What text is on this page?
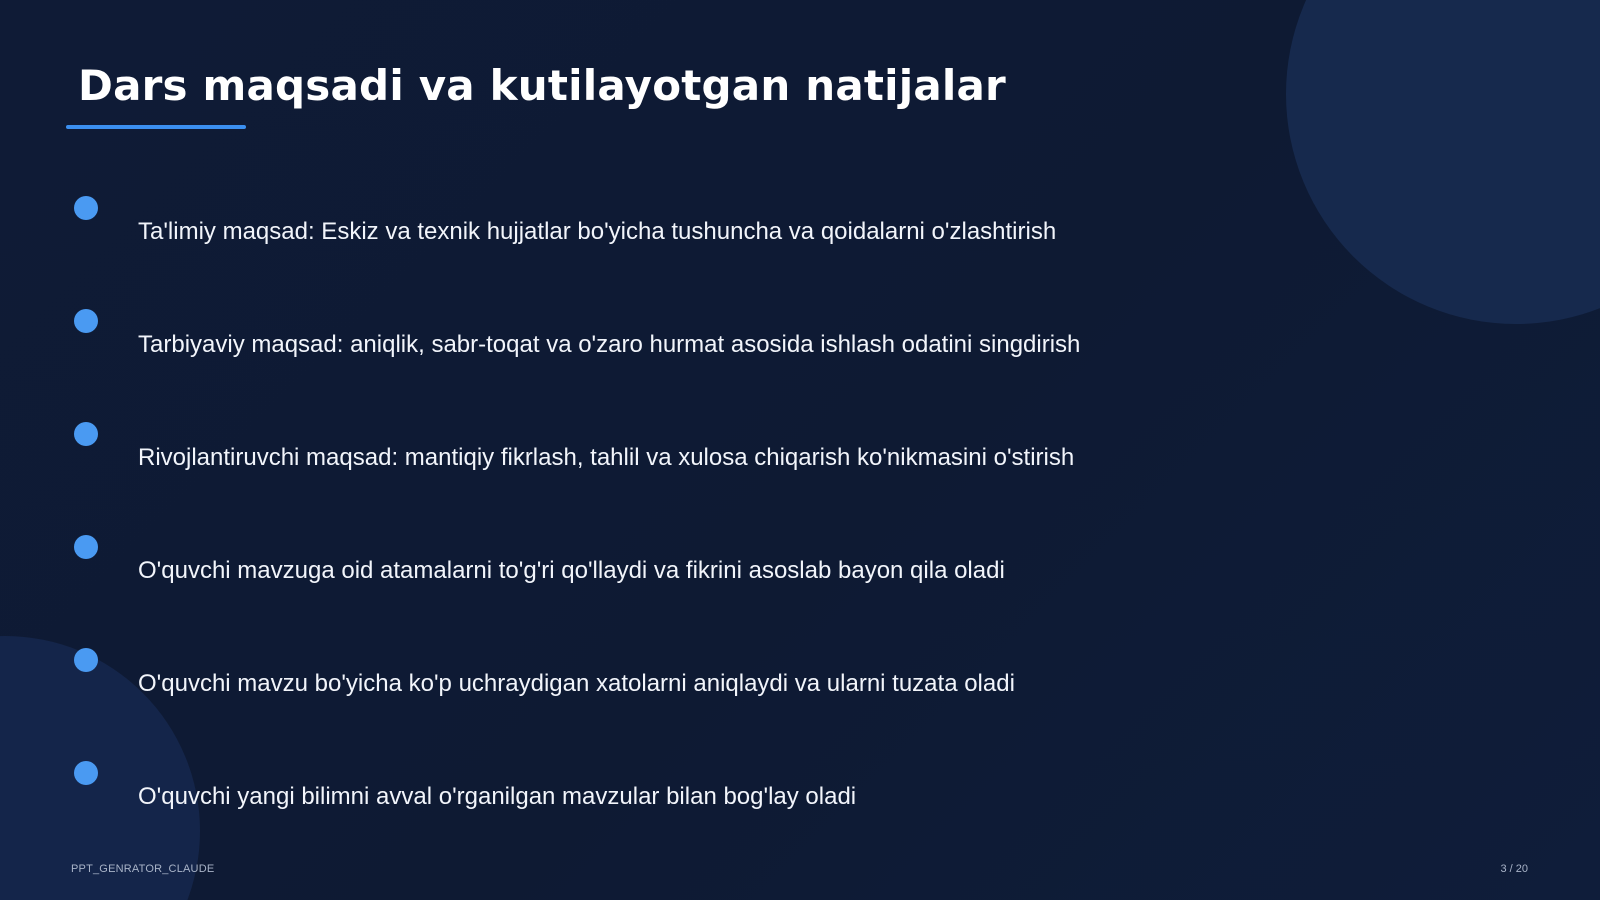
Dars maqsadi va kutilayotgan natijalar
Ta'limiy maqsad: Eskiz va texnik hujjatlar bo'yicha tushuncha va qoidalarni o'zlashtirish
Tarbiyaviy maqsad: aniqlik, sabr-toqat va o'zaro hurmat asosida ishlash odatini singdirish
Rivojlantiruvchi maqsad: mantiqiy fikrlash, tahlil va xulosa chiqarish ko'nikmasini o'stirish
O'quvchi mavzuga oid atamalarni to'g'ri qo'llaydi va fikrini asoslab bayon qila oladi
O'quvchi mavzu bo'yicha ko'p uchraydigan xatolarni aniqlaydi va ularni tuzata oladi
O'quvchi yangi bilimni avval o'rganilgan mavzular bilan bog'lay oladi
PPT_GENRATOR_CLAUDE	3 / 20
